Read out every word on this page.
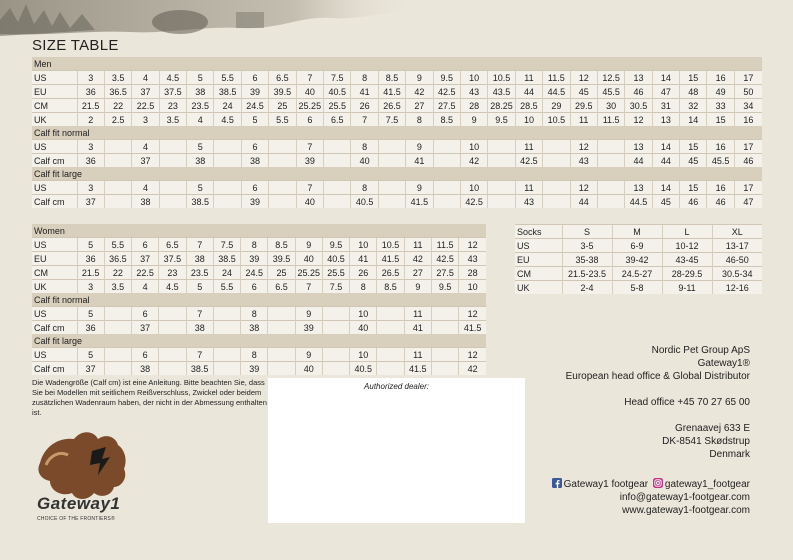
SIZE TABLE
Men																									
US	3	3.5	4	4.5	5	5.5	6	6.5	7	7.5	8	8.5	9	9.5	10	10.5	11	11.5	12	12.5	13	14	15	16	17
EU	36	36.5	37	37.5	38	38.5	39	39.5	40	40.5	41	41.5	42	42.5	43	43.5	44	44.5	45	45.5	46	47	48	49	50
CM	21.5	22	22.5	23	23.5	24	24.5	25	25.25	25.5	26	26.5	27	27.5	28	28.25	28.5	29	29.5	30	30.5	31	32	33	34
UK	2	2.5	3	3.5	4	4.5	5	5.5	6	6.5	7	7.5	8	8.5	9	9.5	10	10.5	11	11.5	12	13	14	15	16
Calf fit normal																									
US	3		4		5		6		7		8		9		10		11		12		13	14	15	16	17
Calf cm	36		37		38		38		39		40		41		42		42.5		43		44	44	45	45.5	46
Calf fit large																									
US	3		4		5		6		7		8		9		10		11		12		13	14	15	16	17
Calf cm	37		38		38.5		39		40		40.5		41.5		42.5		43		44		44.5	45	46	46	47
Women															
US	5	5.5	6	6.5	7	7.5	8	8.5	9	9.5	10	10.5	11	11.5	12
EU	36	36.5	37	37.5	38	38.5	39	39.5	40	40.5	41	41.5	42	42.5	43
CM	21.5	22	22.5	23	23.5	24	24.5	25	25.25	25.5	26	26.5	27	27.5	28
UK	3	3.5	4	4.5	5	5.5	6	6.5	7	7.5	8	8.5	9	9.5	10
Calf fit normal															
US	5		6		7		8		9		10		11		12
Calf cm	36		37		38		38		39		40		41		41.5
Calf fit large															
US	5		6		7		8		9		10		11		12
Calf cm	37		38		38.5		39		40		40.5		41.5		42
Socks	S	M	L	XL
US	3-5	6-9	10-12	13-17
EU	35-38	39-42	43-45	46-50
CM	21.5-23.5	24.5-27	28-29.5	30.5-34
UK	2-4	5-8	9-11	12-16

Die Wadengröße (Calf cm) ist eine Anleitung. Bitte beachten Sie, dass Sie bei Modellen mit seitlichem Reißverschluss, Zwickel oder beidem zusätzlichen Wadenraum haben, der nicht in der Abmessung enthalten ist.

Authorized dealer:
Gateway1
CHOICE OF THE FRONTIERS®
Nordic Pet Group ApS
Gateway1®
European head office & Global Distributor
Head office +45 70 27 65 00
Grenaavej 633 E
DK-8541 Skødstrup
Denmark
Gateway1 footgear gateway1_footgear
info@gateway1-footgear.com
www.gateway1-footgear.com
